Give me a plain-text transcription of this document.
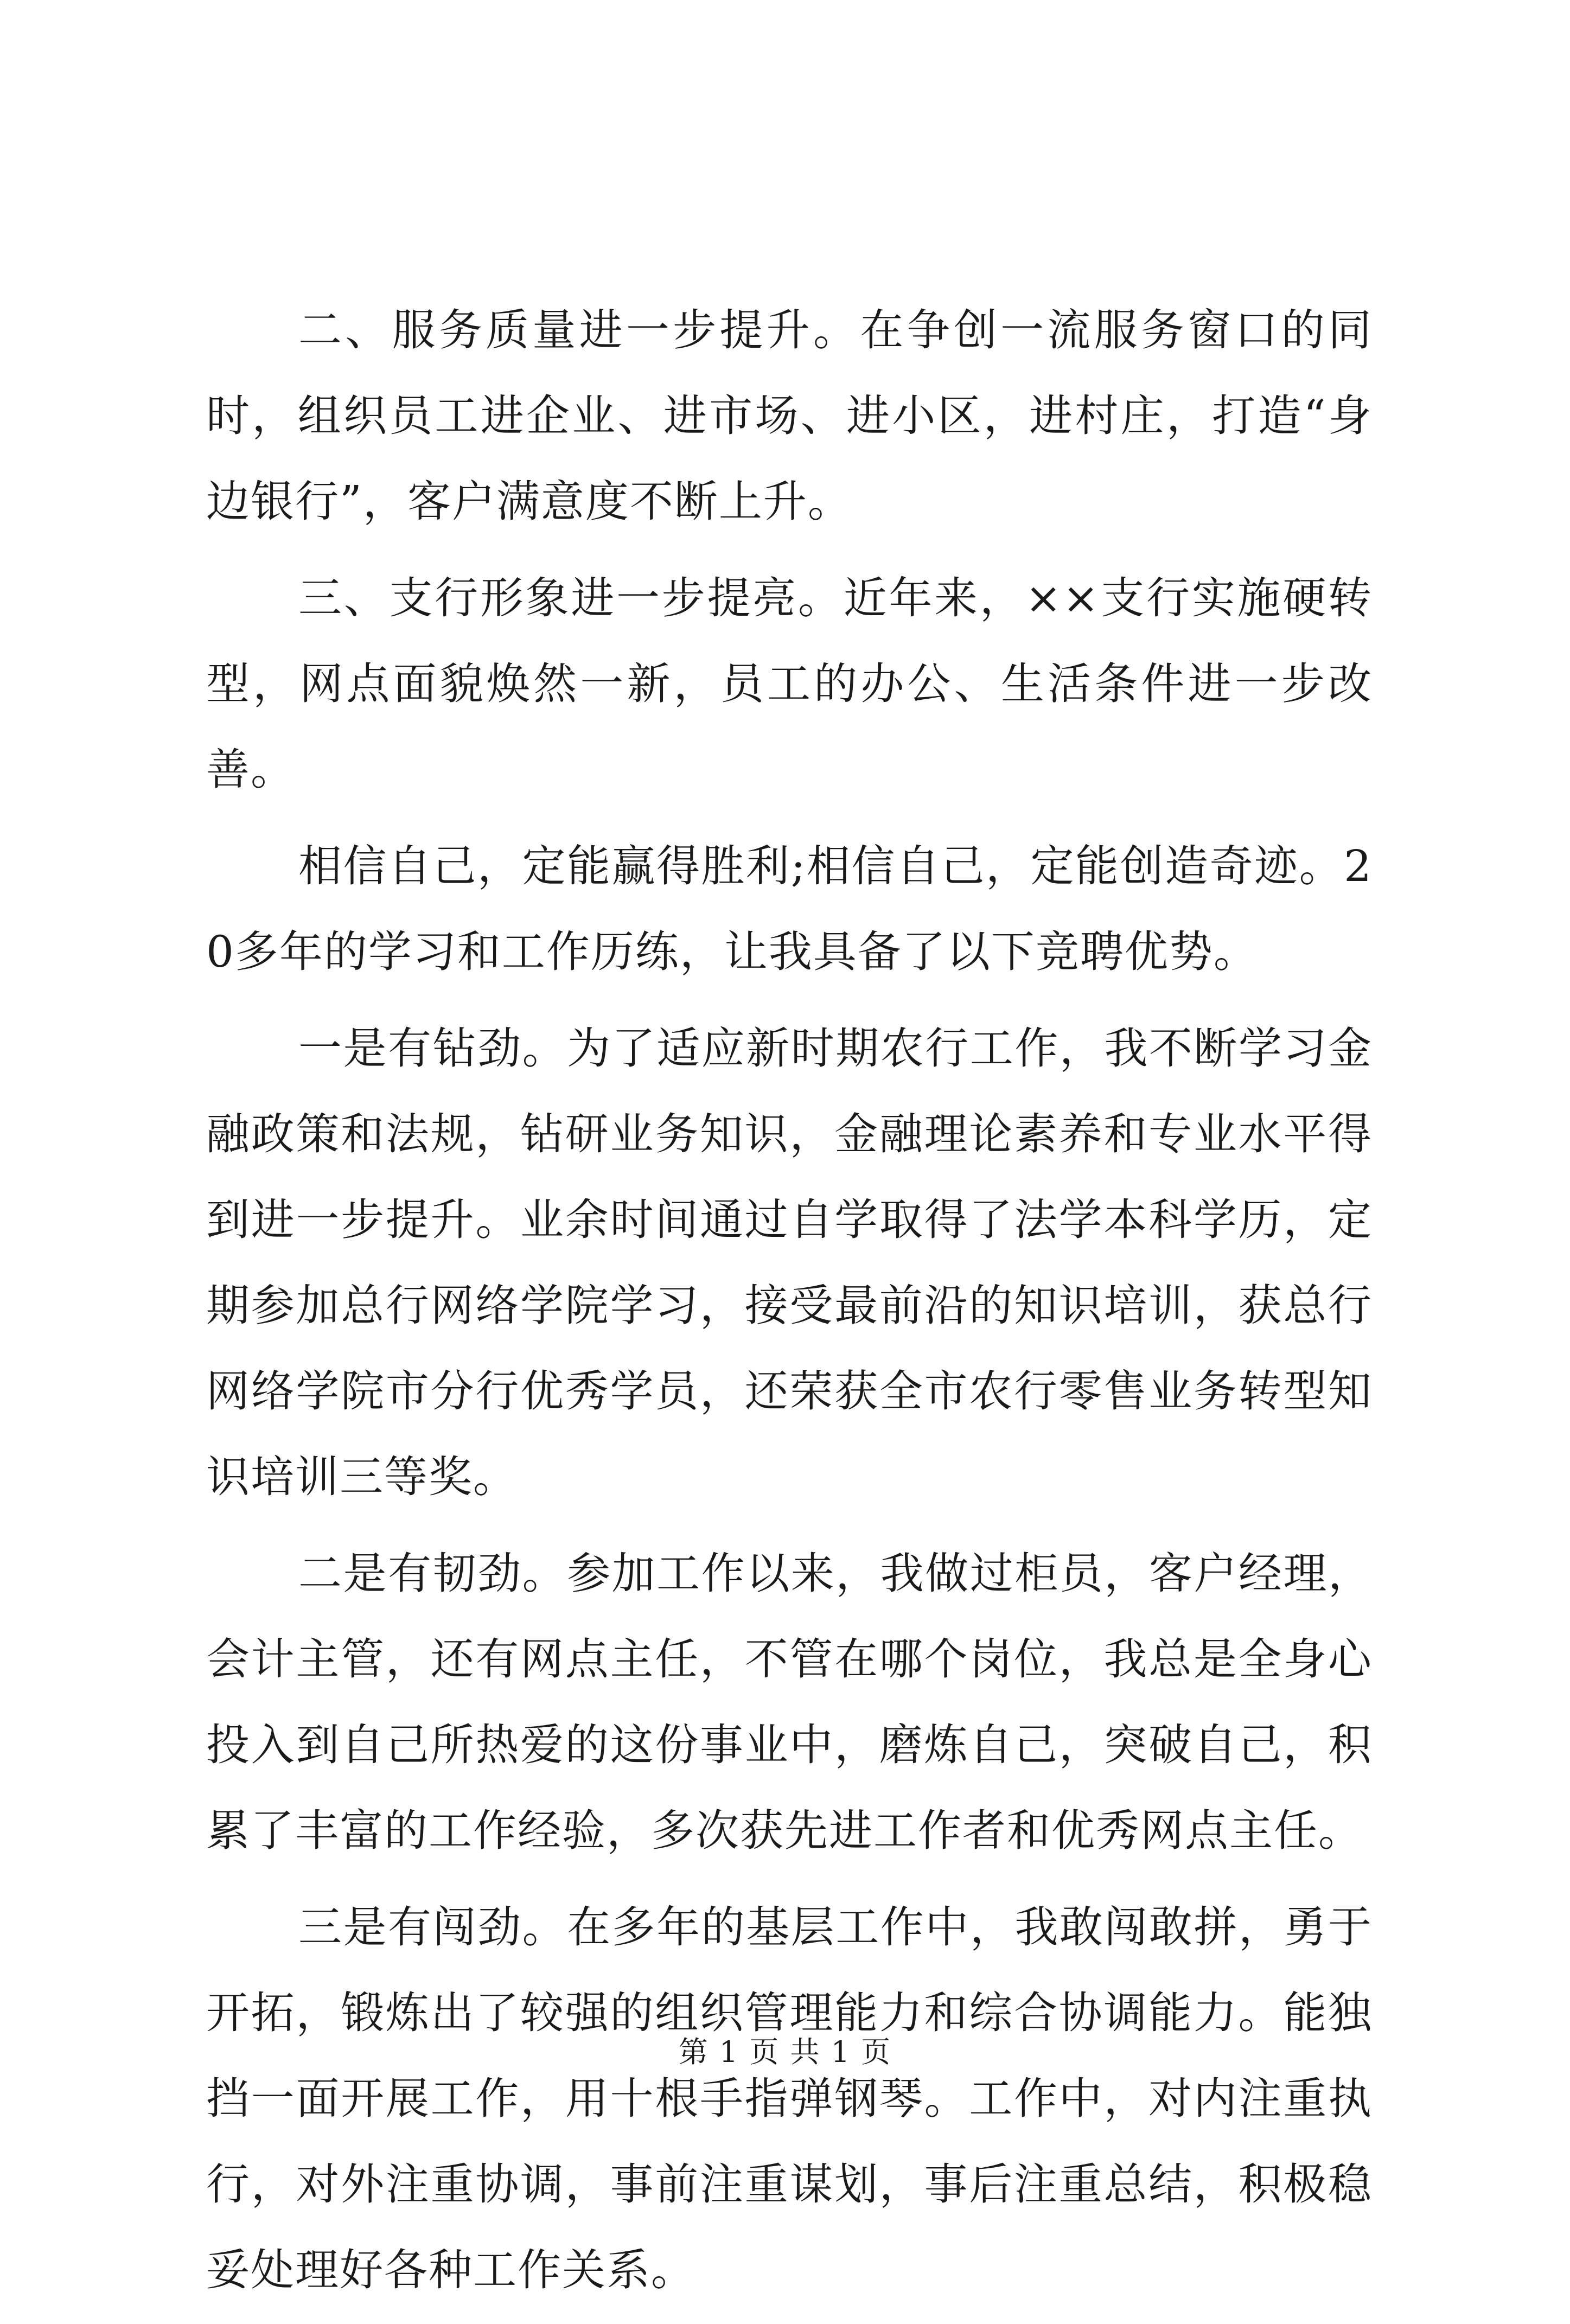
二、服务质量进一步提升。在争创一流服务窗口的同时，组织员工进企业、进市场、进小区，进村庄，打造“身边银行”，客户满意度不断上升。

三、支行形象进一步提亮。近年来，××支行实施硬转型，网点面貌焕然一新，员工的办公、生活条件进一步改善。

相信自己，定能赢得胜利;相信自己，定能创造奇迹。20多年的学习和工作历练，让我具备了以下竞聘优势。

一是有钻劲。为了适应新时期农行工作，我不断学习金融政策和法规，钻研业务知识，金融理论素养和专业水平得到进一步提升。业余时间通过自学取得了法学本科学历，定期参加总行网络学院学习，接受最前沿的知识培训，获总行网络学院市分行优秀学员，还荣获全市农行零售业务转型知识培训三等奖。

二是有韧劲。参加工作以来，我做过柜员，客户经理，会计主管，还有网点主任，不管在哪个岗位，我总是全身心投入到自己所热爱的这份事业中，磨炼自己，突破自己，积累了丰富的工作经验，多次获先进工作者和优秀网点主任。

三是有闯劲。在多年的基层工作中，我敢闯敢拼，勇于开拓，锻炼出了较强的组织管理能力和综合协调能力。能独挡一面开展工作，用十根手指弹钢琴。工作中，对内注重执行，对外注重协调，事前注重谋划，事后注重总结，积极稳妥处理好各种工作关系。

第 1 页 共 1 页
